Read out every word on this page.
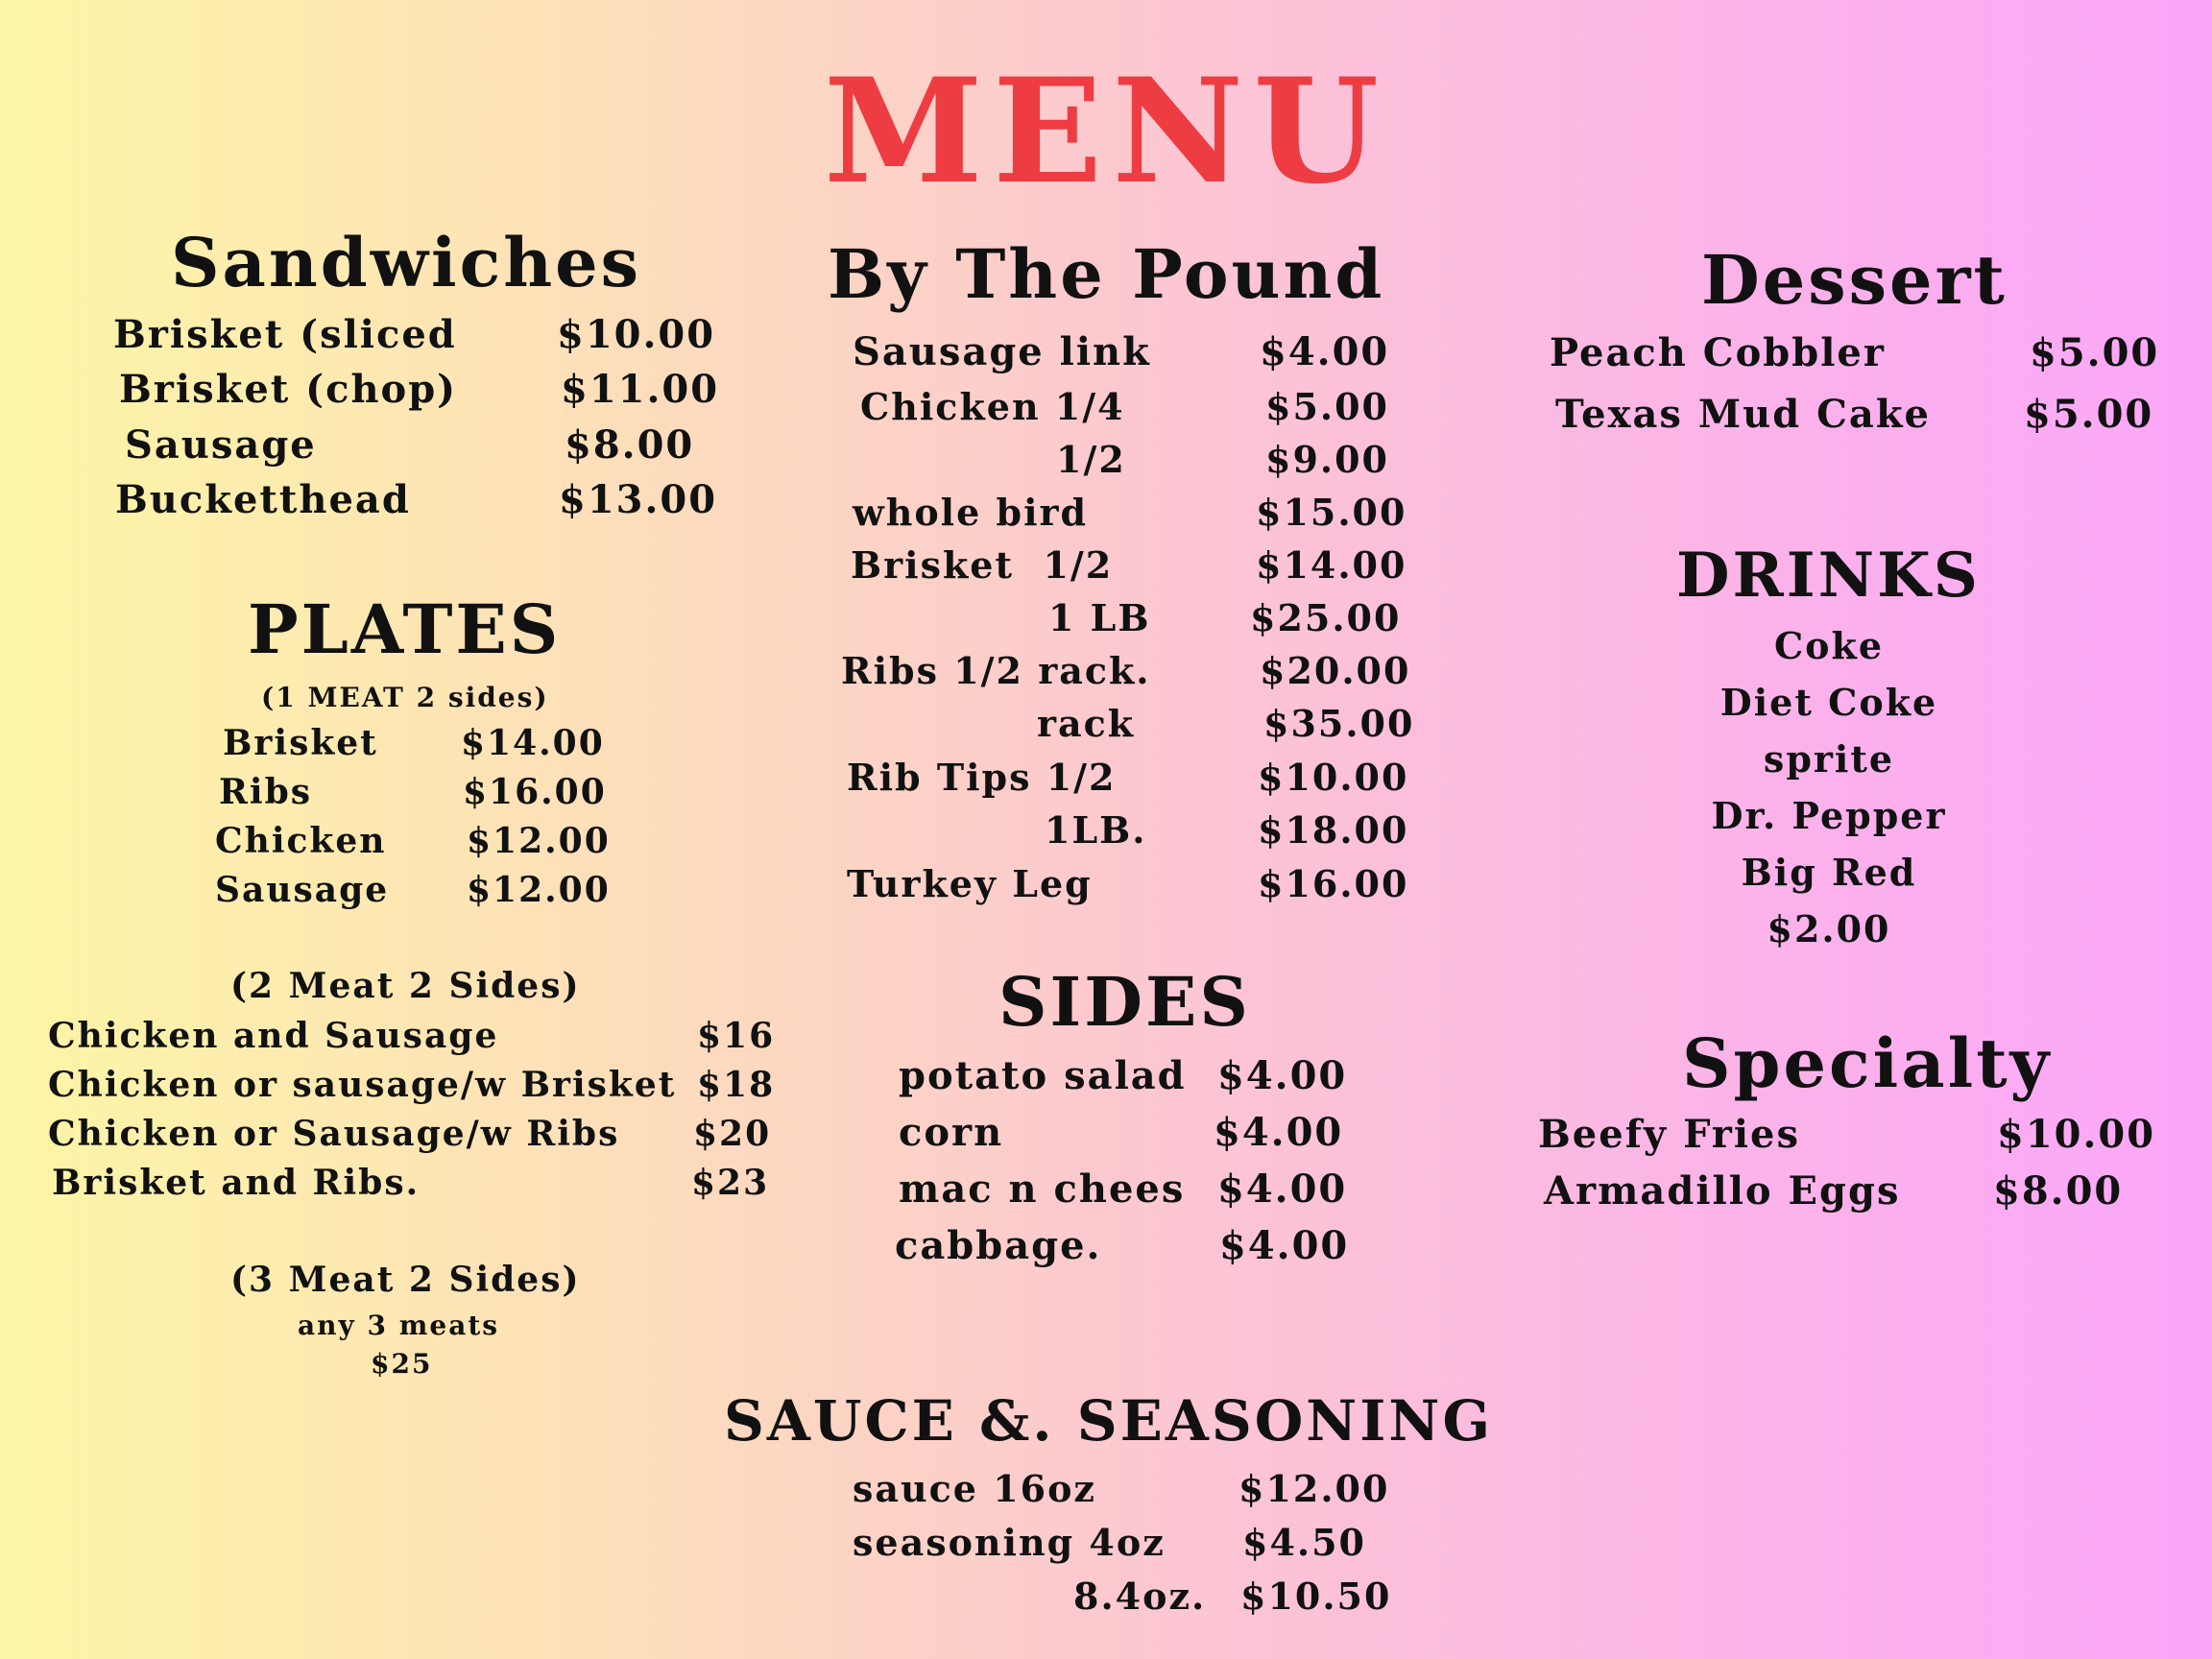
MENU
Sandwiches
Brisket (sliced	$10.00
Brisket (chop)	$11.00
Sausage	$8.00
Bucketthead	$13.00
PLATES
(1 MEAT 2 sides)
Brisket $14.00
Ribs	$16.00
Chicken $12.00
Sausage $12.00
(2 Meat 2 Sides)
Chicken and Sausage	$16
Chicken or sausage/w Brisket $18
Chicken or Sausage/w Ribs $20
Brisket and Ribs.	$23
(3 Meat 2 Sides)
any 3 meats
$25
By The Pound
Sausage link	$4.00
Chicken 1/4	$5.00
1/2	$9.00
whole bird	$15.00
Brisket  1/2	$14.00
1 LB	$25.00
Ribs 1/2 rack.	$20.00
rack	$35.00
Rib Tips 1/2	$10.00
1LB.	$18.00
Turkey Leg	$16.00
SIDES
potato salad $4.00
corn	$4.00
mac n chees $4.00
cabbage.	$4.00
SAUCE &. SEASONING
sauce 16oz	$12.00
seasoning 4oz $4.50
8.4oz. $10.50
Dessert
Peach Cobbler	$5.00
Texas Mud Cake $5.00
DRINKS
Coke
Diet Coke
sprite
Dr. Pepper
Big Red
$2.00
Specialty
Beefy Fries	$10.00
Armadillo Eggs $8.00
